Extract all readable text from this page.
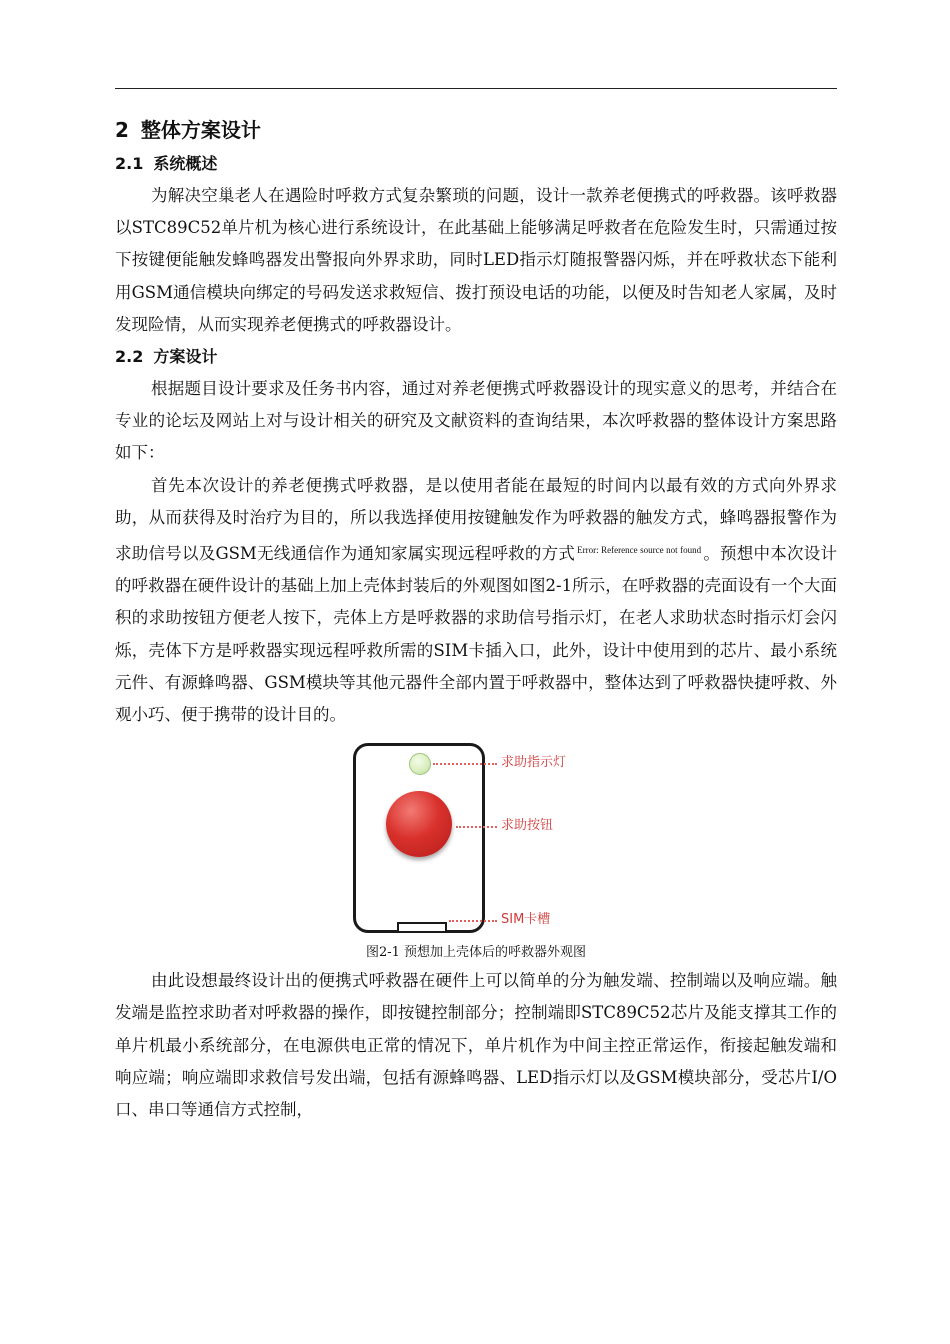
2 整体方案设计
2.1 系统概述

为解决空巢老人在遇险时呼救方式复杂繁琐的问题，设计一款养老便携式的呼救器。该呼救器以STC89C52单片机为核心进行系统设计，在此基础上能够满足呼救者在危险发生时，只需通过按下按键便能触发蜂鸣器发出警报向外界求助，同时LED指示灯随报警器闪烁，并在呼救状态下能利用GSM通信模块向绑定的号码发送求救短信、拨打预设电话的功能，以便及时告知老人家属，及时发现险情，从而实现养老便携式的呼救器设计。

2.2 方案设计

根据题目设计要求及任务书内容，通过对养老便携式呼救器设计的现实意义的思考，并结合在专业的论坛及网站上对与设计相关的研究及文献资料的查询结果，本次呼救器的整体设计方案思路如下：

首先本次设计的养老便携式呼救器，是以使用者能在最短的时间内以最有效的方式向外界求助，从而获得及时治疗为目的，所以我选择使用按键触发作为呼救器的触发方式，蜂鸣器报警作为求助信号以及GSM无线通信作为通知家属实现远程呼救的方式 $^{Error: Reference source not found}$ 。预想中本次设计的呼救器在硬件设计的基础上加上壳体封装后的外观图如图2-1所示，在呼救器的壳面设有一个大面积的求助按钮方便老人按下，壳体上方是呼救器的求助信号指示灯，在老人求助状态时指示灯会闪烁，壳体下方是呼救器实现远程呼救所需的SIM卡插入口，此外，设计中使用到的芯片、最小系统元件、有源蜂鸣器、GSM模块等其他元器件全部内置于呼救器中，整体达到了呼救器快捷呼救、外观小巧、便于携带的设计目的。

求助指示灯
求助按钮
SIM卡槽
图2-1 预想加上壳体后的呼救器外观图

由此设想最终设计出的便携式呼救器在硬件上可以简单的分为触发端、控制端以及响应端。触发端是监控求助者对呼救器的操作，即按键控制部分；控制端即STC89C52芯片及能支撑其工作的单片机最小系统部分，在电源供电正常的情况下，单片机作为中间主控正常运作，衔接起触发端和响应端；响应端即求救信号发出端，包括有源蜂鸣器、LED指示灯以及GSM模块部分，受芯片I/O口、串口等通信方式控制，
